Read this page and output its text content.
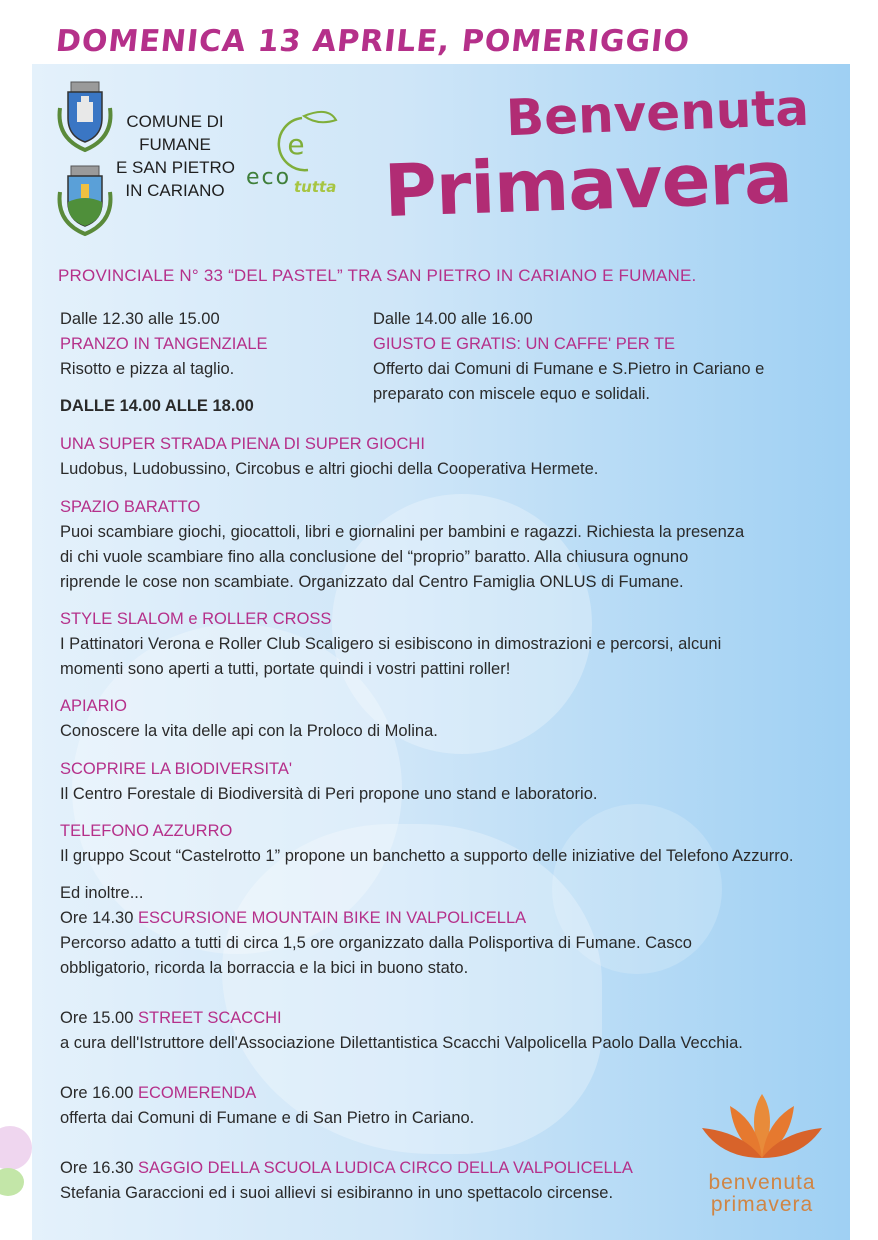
DOMENICA 13 APRILE, POMERIGGIO
COMUNE DI
FUMANE
E SAN PIETRO
IN CARIANO
e
eco tutta
Benvenuta
Primavera
PROVINCIALE N° 33 “DEL PASTEL” TRA SAN PIETRO IN CARIANO E FUMANE.
Dalle 12.30 alle 15.00
PRANZO IN TANGENZIALE
Risotto e pizza al taglio.
DALLE 14.00 ALLE 18.00
Dalle 14.00 alle 16.00
GIUSTO E GRATIS: UN CAFFE' PER TE
Offerto dai Comuni di Fumane e S.Pietro in Cariano e
preparato con miscele equo e solidali.
UNA SUPER STRADA PIENA DI SUPER GIOCHI
Ludobus, Ludobussino, Circobus e altri giochi della Cooperativa Hermete.
SPAZIO BARATTO
Puoi scambiare giochi, giocattoli, libri e giornalini per bambini e ragazzi. Richiesta la presenza
di chi vuole scambiare fino alla conclusione del “proprio” baratto. Alla chiusura ognuno
riprende le cose non scambiate. Organizzato dal Centro Famiglia ONLUS di Fumane.
STYLE SLALOM e ROLLER CROSS
I Pattinatori Verona e Roller Club Scaligero si esibiscono in dimostrazioni e percorsi, alcuni
momenti sono aperti a tutti, portate quindi i vostri pattini roller!
APIARIO
Conoscere la vita delle api con la Proloco di Molina.
SCOPRIRE LA BIODIVERSITA'
Il Centro Forestale di Biodiversità di Peri propone uno stand e laboratorio.
TELEFONO AZZURRO
Il gruppo Scout “Castelrotto 1” propone un banchetto a supporto delle iniziative del Telefono Azzurro.
Ed inoltre...
Ore 14.30 ESCURSIONE MOUNTAIN BIKE IN VALPOLICELLA
Percorso adatto a tutti di circa 1,5 ore organizzato dalla Polisportiva di Fumane. Casco
obbligatorio, ricorda la borraccia e la bici in buono stato.
Ore 15.00 STREET SCACCHI
a cura dell'Istruttore dell'Associazione Dilettantistica Scacchi Valpolicella Paolo Dalla Vecchia.
Ore 16.00 ECOMERENDA
offerta dai Comuni di Fumane e di San Pietro in Cariano.
Ore 16.30 SAGGIO DELLA SCUOLA LUDICA CIRCO DELLA VALPOLICELLA
Stefania Garaccioni ed i suoi allievi si esibiranno in uno spettacolo circense.	benvenuta
primavera
